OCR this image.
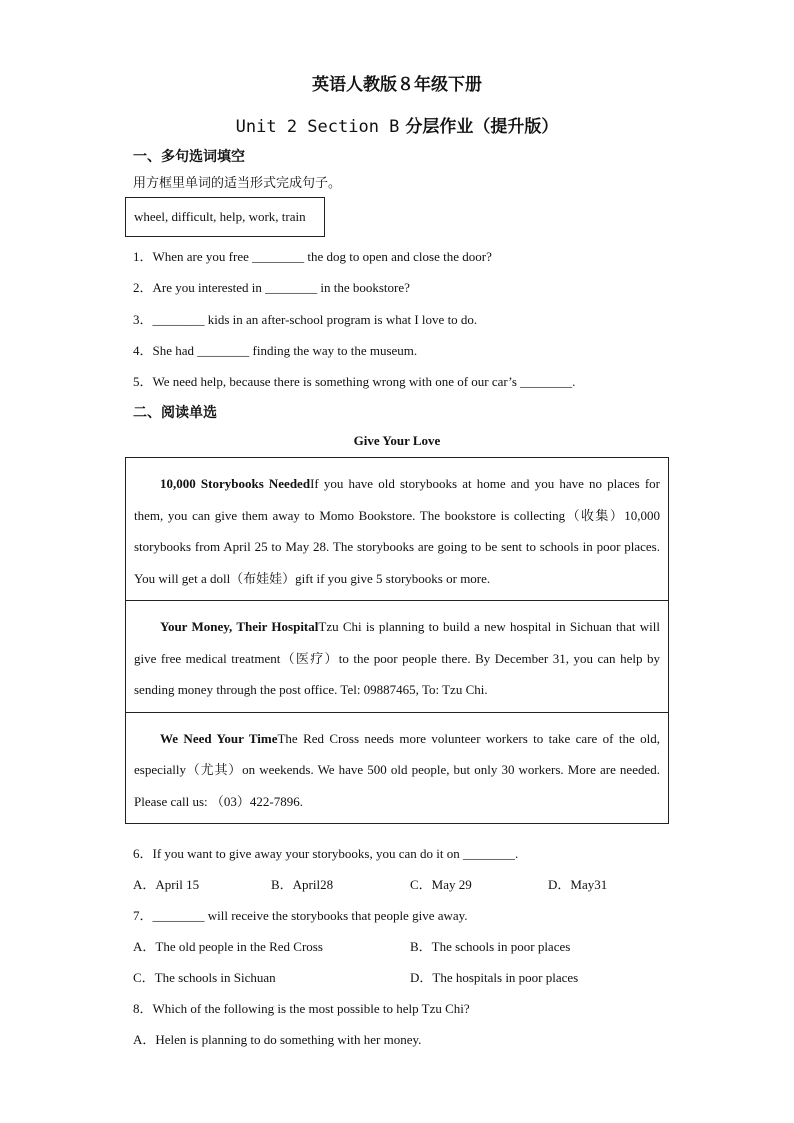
英语人教版８年级下册
Unit 2 Section B 分层作业（提升版）
一、多句选词填空
用方框里单词的适当形式完成句子。
wheel, difficult, help, work, train
1．When are you free ________ the dog to open and close the door?
2．Are you interested in ________ in the bookstore?
3．________ kids in an after-school program is what I love to do.
4．She had ________ finding the way to the museum.
5．We need help, because there is something wrong with one of our car’s ________.
二、阅读单选
Give Your Love
10,000 Storybooks NeededIf you have old storybooks at home and you have no places for them, you can give them away to Momo Bookstore. The bookstore is collecting（收集）10,000 storybooks from April 25 to May 28. The storybooks are going to be sent to schools in poor places. You will get a doll（布娃娃）gift if you give 5 storybooks or more.
Your Money, Their HospitalTzu Chi is planning to build a new hospital in Sichuan that will give free medical treatment（医疗）to the poor people there. By December 31, you can help by sending money through the post office. Tel: 09887465, To: Tzu Chi.
We Need Your TimeThe Red Cross needs more volunteer workers to take care of the old, especially（尤其）on weekends. We have 500 old people, but only 30 workers. More are needed. Please call us: （03）422-7896.
6．If you want to give away your storybooks, you can do it on ________.
A．April 15	B．April28	C．May 29	D．May31
7．________ will receive the storybooks that people give away.
A．The old people in the Red Cross	B．The schools in poor places
C．The schools in Sichuan	D．The hospitals in poor places
8．Which of the following is the most possible to help Tzu Chi?
A．Helen is planning to do something with her money.
